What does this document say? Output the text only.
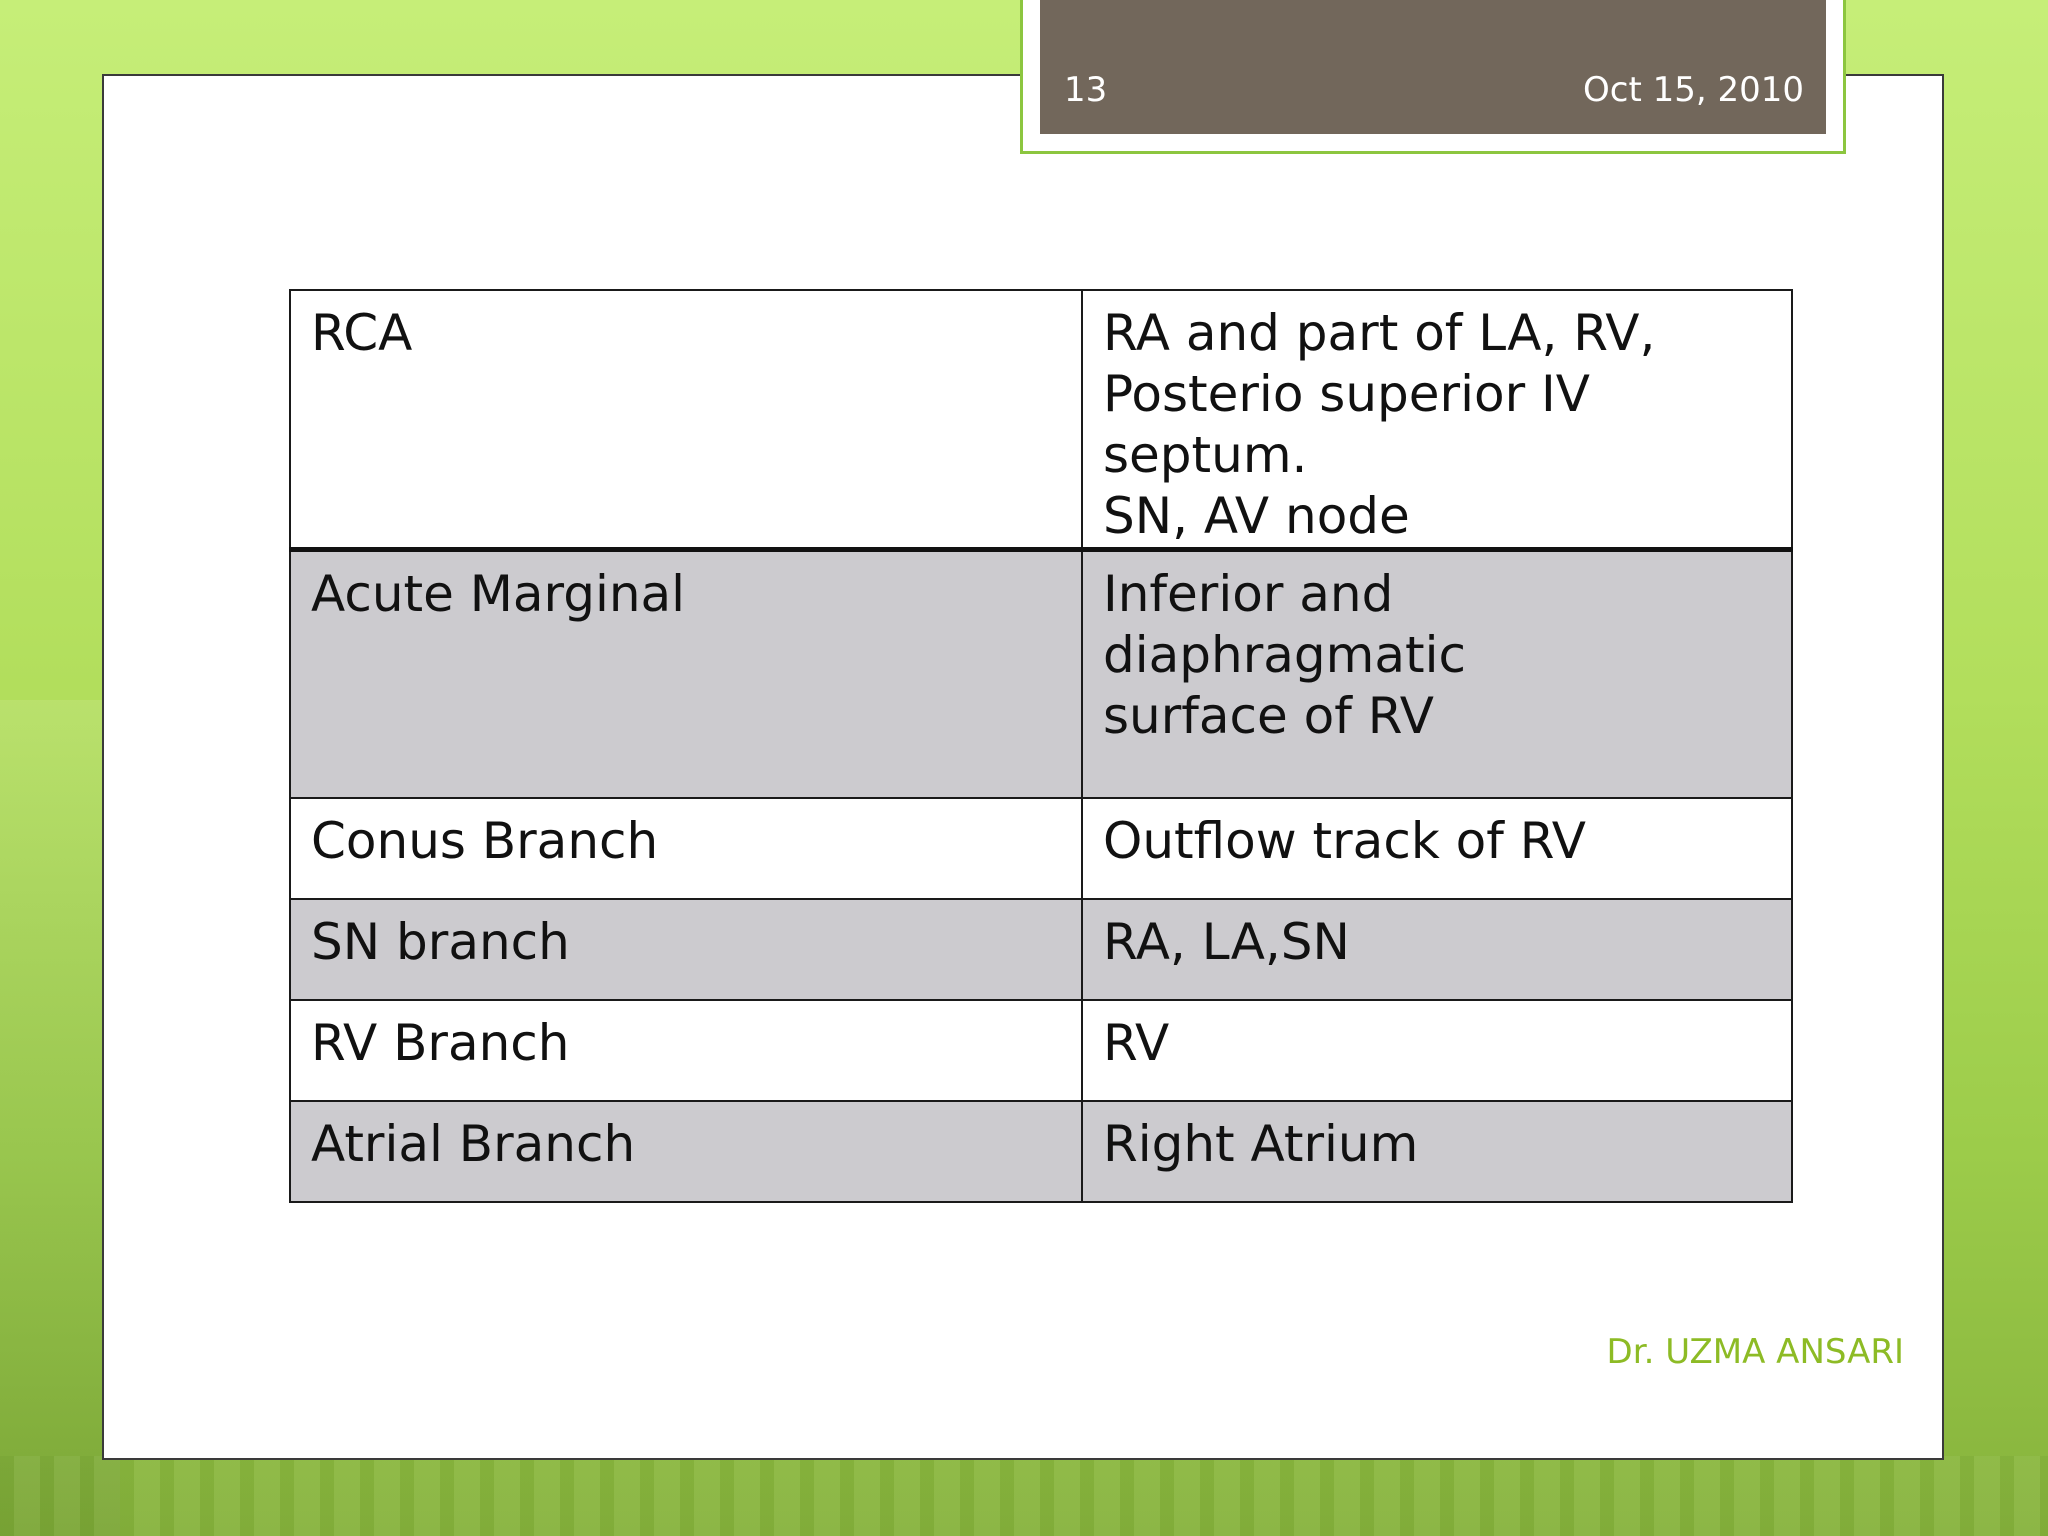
13	Oct 15, 2010
RCA	RA and part of LA, RV,
Posterio superior IV septum.
SN, AV node

Acute Marginal	Inferior and diaphragmatic
surface of RV

Conus Branch	Outflow track of RV

SN branch	RA, LA,SN

RV Branch	RV

Atrial Branch	Right Atrium
Dr. UZMA ANSARI
